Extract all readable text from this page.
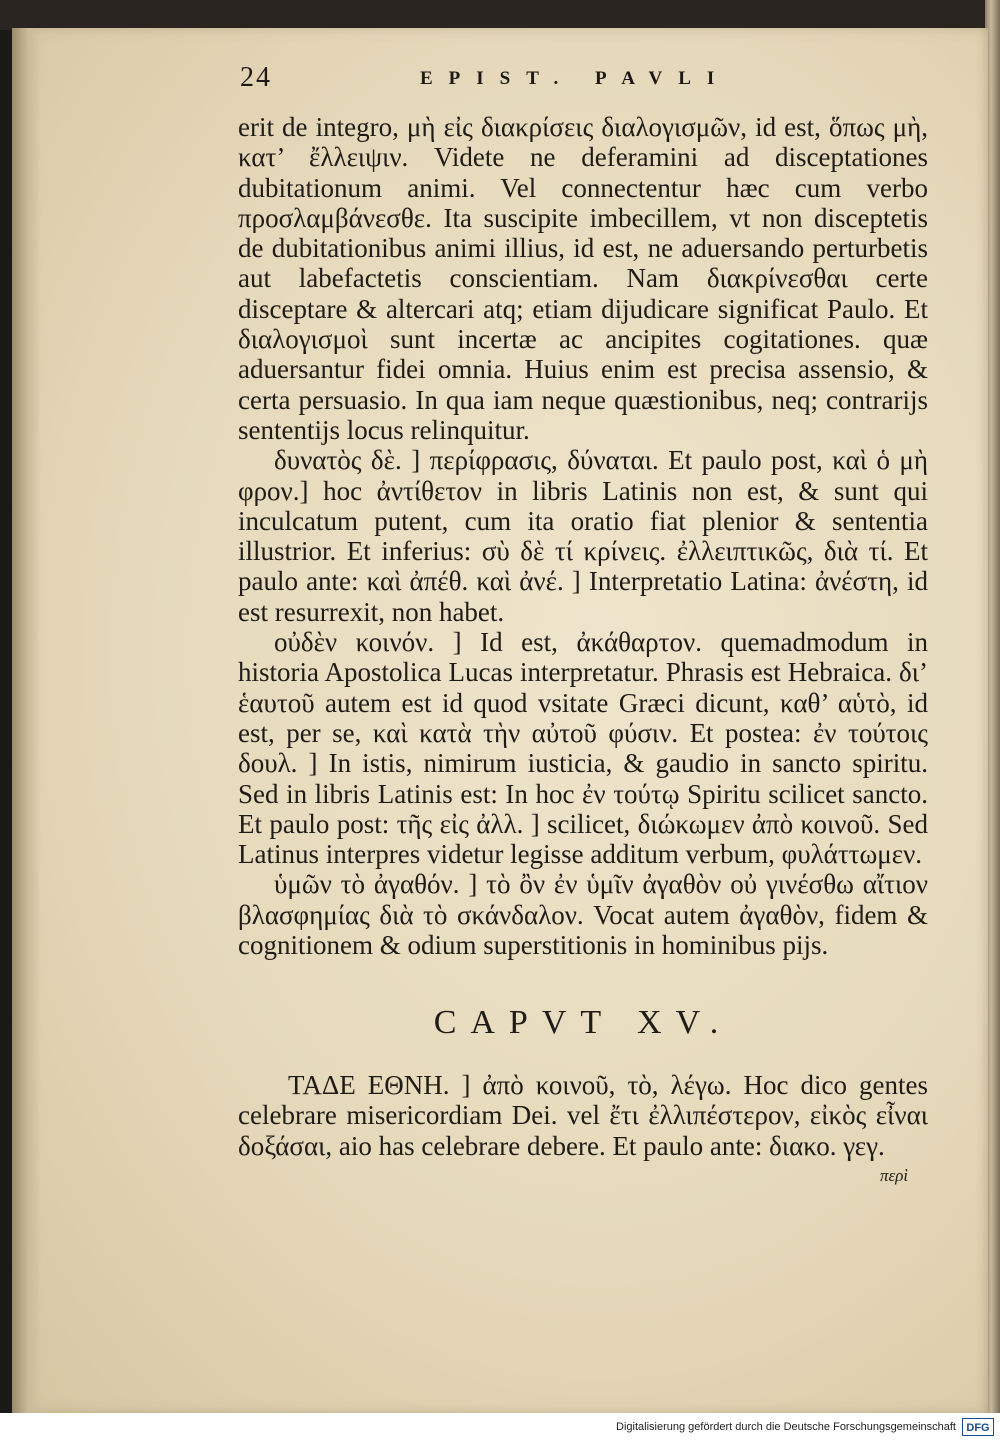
24	EPIST. PAVLI

erit de integro, μὴ εἰς διακρίσεις διαλογισμῶν, id est, ὅπως μὴ, κατ’ ἔλλειψιν. Videte ne deferamini ad disceptationes dubitationum animi. Vel connectentur hæc cum verbo προσλαμβάνεσθε. Ita suscipite imbecillem, vt non disceptetis de dubitationibus animi illius, id est, ne aduersando perturbetis aut labefactetis conscientiam. Nam διακρίνεσθαι certe disceptare & altercari atq; etiam dijudicare significat Paulo. Et διαλογισμοὶ sunt incertæ ac ancipites cogitationes. quæ aduersantur fidei omnia. Huius enim est precisa assensio, & certa persuasio. In qua iam neque quæstionibus, neq; contrarijs sententijs locus relinquitur.

δυνατὸς δὲ. ] περίφρασις, δύναται. Et paulo post, καὶ ὁ μὴ φρον.] hoc ἀντίθετον in libris Latinis non est, & sunt qui inculcatum putent, cum ita oratio fiat plenior & sententia illustrior. Et inferius: σὺ δὲ τί κρίνεις. ἐλλειπτικῶς, διὰ τί. Et paulo ante: καὶ ἀπέθ. καὶ ἀνέ. ] Interpretatio Latina: ἀνέστη, id est resurrexit, non habet.

οὐδὲν κοινόν. ] Id est, ἀκάθαρτον. quemadmodum in historia Apostolica Lucas interpretatur. Phrasis est Hebraica. δι’ ἑαυτοῦ autem est id quod vsitate Græci dicunt, καθ’ αὑτὸ, id est, per se, καὶ κατὰ τὴν αὐτοῦ φύσιν. Et postea: ἐν τούτοις δουλ. ] In istis, nimirum iusticia, & gaudio in sancto spiritu. Sed in libris Latinis est: In hoc ἐν τούτῳ Spiritu scilicet sancto. Et paulo post: τῆς εἰς ἀλλ. ] scilicet, διώκωμεν ἀπὸ κοινοῦ. Sed Latinus interpres videtur legisse additum verbum, φυλάττωμεν.

ὑμῶν τὸ ἀγαθόν. ] τὸ ὂν ἐν ὑμῖν ἀγαθὸν οὐ γινέσθω αἴτιον βλασφημίας διὰ τὸ σκάνδαλον. Vocat autem ἀγαθὸν, fidem & cognitionem & odium superstitionis in hominibus pijs.

CAPVT XV.

ΤΑΔΕ ΕΘΝΗ. ] ἀπὸ κοινοῦ, τὸ, λέγω. Hoc dico gentes celebrare misericordiam Dei. vel ἔτι ἐλλιπέστερον, εἰκὸς εἶναι δοξάσαι, aio has celebrare debere. Et paulo ante: διακο. γεγ.

περὶ
Digitalisierung gefördert durch die Deutsche Forschungsgemeinschaft DFG
